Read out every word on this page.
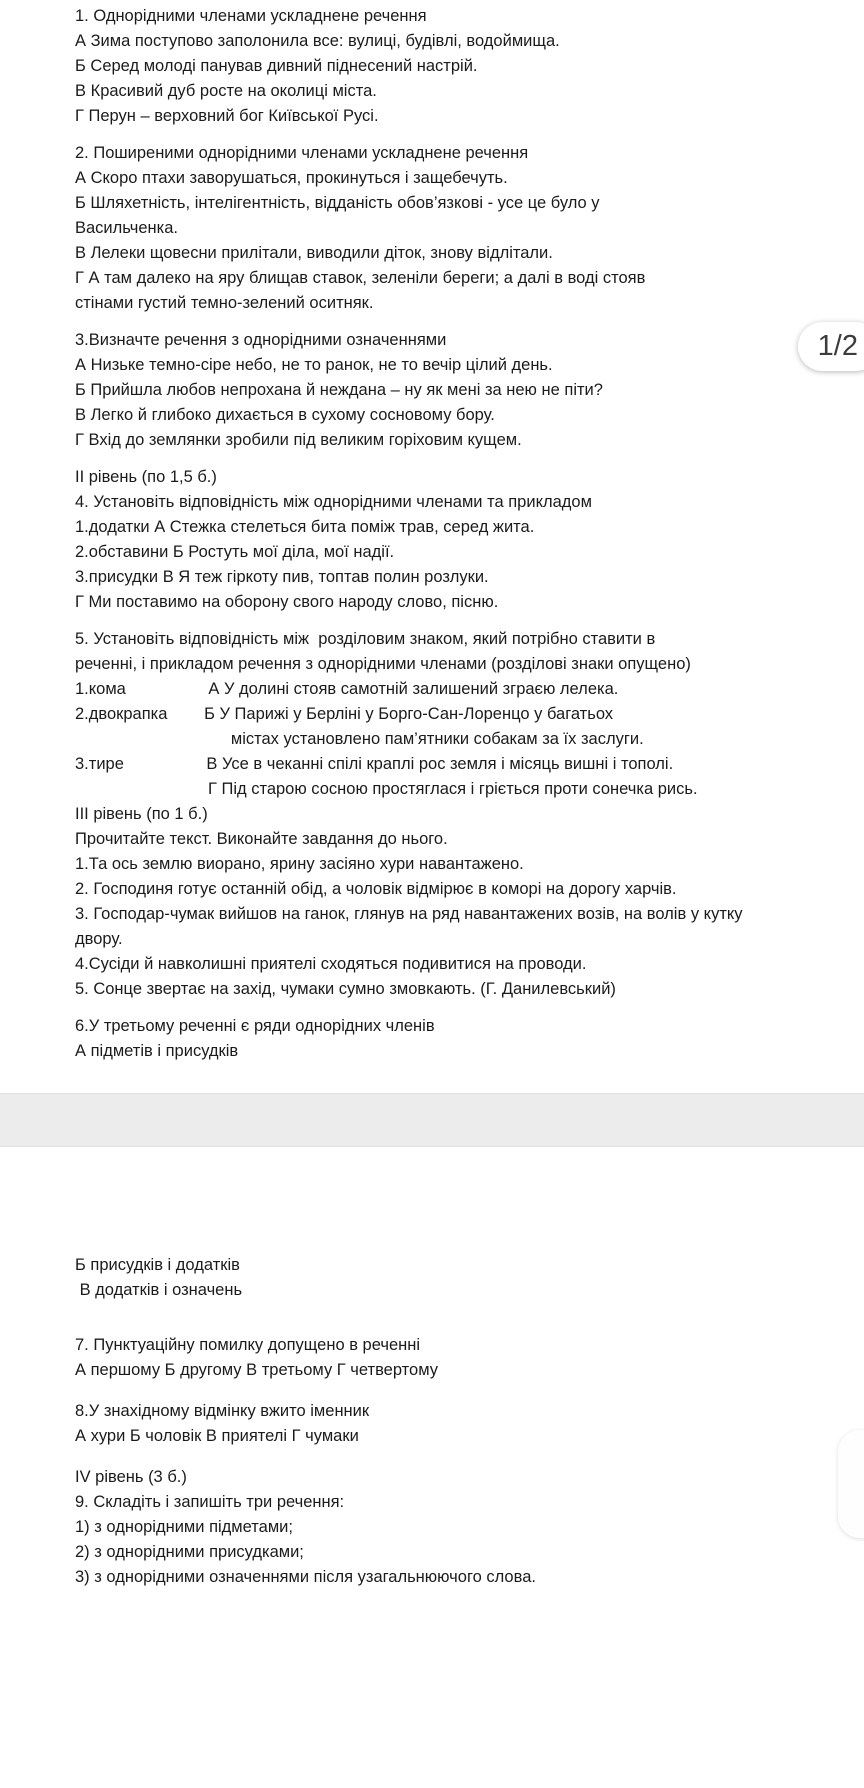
1. Однорідними членами ускладнене речення

А Зима поступово заполонила все: вулиці, будівлі, водоймища.

Б Серед молоді панував дивний піднесений настрій.

В Красивий дуб росте на околиці міста.

Г Перун – верховний бог Київської Русі.

2. Поширеними однорідними членами ускладнене речення

А Скоро птахи заворушаться, прокинуться і защебечуть.

Б Шляхетність, інтелігентність, відданість обов’язкові - усе це було у

Васильченка.

В Лелеки щовесни прилітали, виводили діток, знову відлітали.

Г А там далеко на яру блищав ставок, зеленіли береги; а далі в воді стояв

стінами густий темно-зелений оситняк.

3.Визначте речення з однорідними означеннями

А Низьке темно-сіре небо, не то ранок, не то вечір цілий день.

Б Прийшла любов непрохана й неждана – ну як мені за нею не піти?

В Легко й глибоко дихається в сухому сосновому бору.

Г Вхід до землянки зробили під великим горіховим кущем.

ІІ рівень (по 1,5 б.)

4. Установіть відповідність між однорідними членами та прикладом

1.додатки А Стежка стелеться бита поміж трав, серед жита.

2.обставини Б Ростуть мої діла, мої надії.

3.присудки В Я теж гіркоту пив, топтав полин розлуки.

Г Ми поставимо на оборону свого народу слово, пісню.

5. Установіть відповідність між  розділовим знаком, який потрібно ставити в

реченні, і прикладом речення з однорідними членами (розділові знаки опущено)

1.кома                  А У долині стояв самотній залишений зграєю лелека.

2.двокрапка        Б У Парижі у Берліні у Борго-Сан-Лоренцо у багатьох

містах установлено пам’ятники собакам за їх заслуги.

3.тире                  В Усе в чеканні спілі краплі рос земля і місяць вишні і тополі.

Г Під старою сосною простяглася і гріється проти сонечка рись.

ІІІ рівень (по 1 б.)

Прочитайте текст. Виконайте завдання до нього.

1.Та ось землю виорано, ярину засіяно хури навантажено.

2. Господиня готує останній обід, а чоловік відмірює в коморі на дорогу харчів.

3. Господар-чумак вийшов на ганок, глянув на ряд навантажених возів, на волів у кутку

двору.

4.Сусіди й навколишні приятелі сходяться подивитися на проводи.

5. Сонце звертає на захід, чумаки сумно змовкають. (Г. Данилевський)

6.У третьому реченні є ряди однорідних членів

А підметів і присудків

Б присудків і додатків

В додатків і означень

7. Пунктуаційну помилку допущено в реченні

А першому Б другому В третьому Г четвертому

8.У знахідному відмінку вжито іменник

А хури Б чоловік В приятелі Г чумаки

IV рівень (3 б.)

9. Складіть і запишіть три речення:

1) з однорідними підметами;

2) з однорідними присудками;

3) з однорідними означеннями після узагальнюючого слова.

1/2
